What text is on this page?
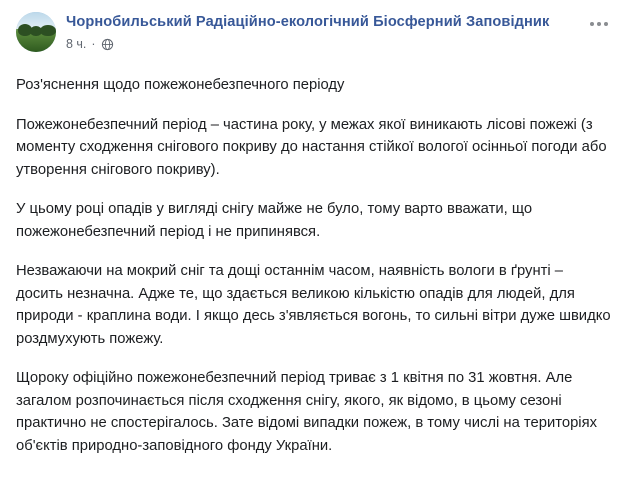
Чорнобильський Радіаційно-екологічний Біосферний Заповідник
8 ч. ·

Роз'яснення щодо пожежонебезпечного періоду

Пожежонебезпечний період – частина року, у межах якої виникають лісові пожежі (з моменту сходження снігового покриву до настання стійкої вологої осінньої погоди або утворення снігового покриву).

У цьому році опадів у вигляді снігу майже не було, тому варто вважати, що пожежонебезпечний період і не припинявся.

Незважаючи на мокрий сніг та дощі останнім часом, наявність вологи в ґрунті – досить незначна. Адже те, що здається великою кількістю опадів для людей, для природи - краплина води. І якщо десь з'являється вогонь, то сильні вітри дуже швидко роздмухують пожежу.

Щороку офіційно пожежонебезпечний період триває з 1 квітня по 31 жовтня. Але загалом розпочинається після сходження снігу, якого, як відомо, в цьому сезоні практично не спостерігалось. Зате відомі випадки пожеж, в тому числі на територіях об'єктів природно-заповідного фонду України.
